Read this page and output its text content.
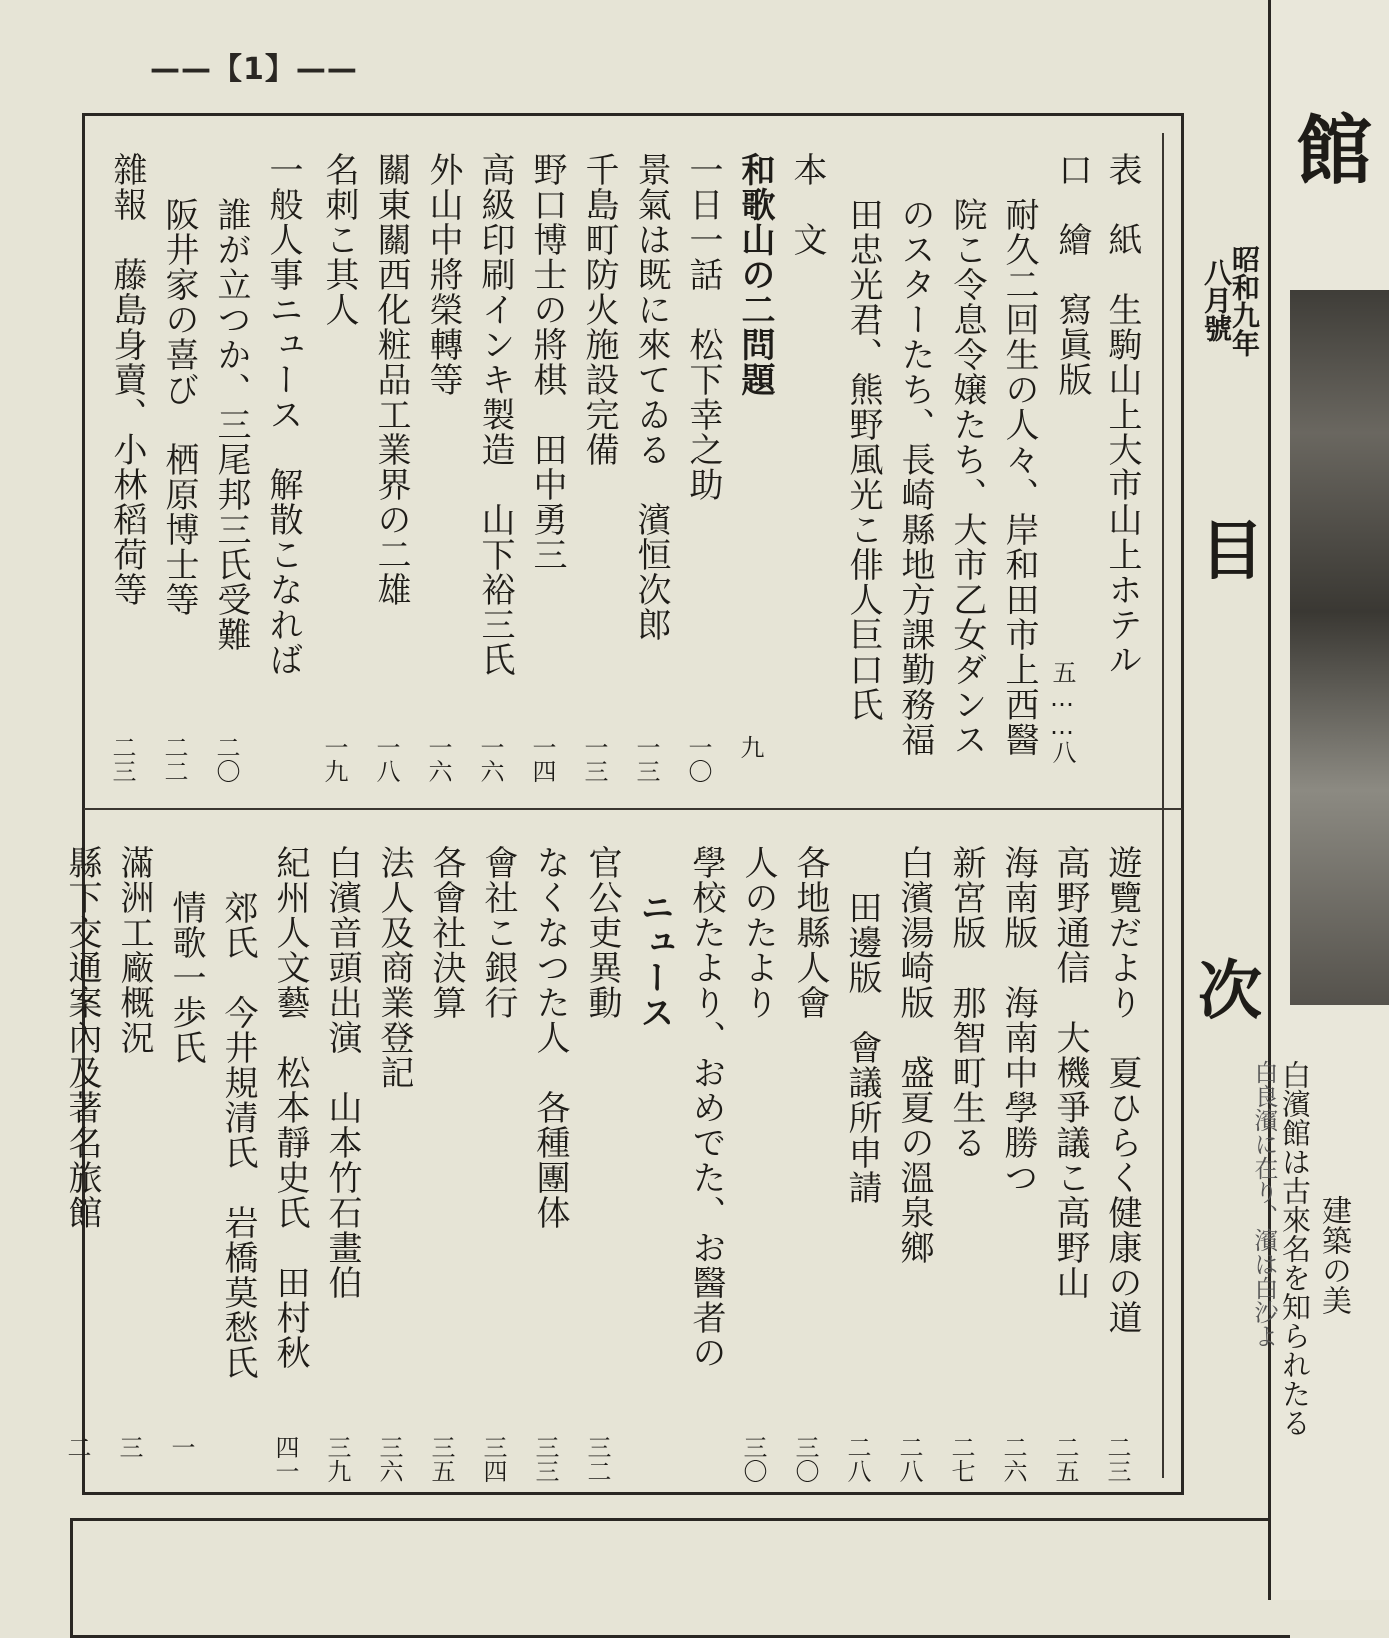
——【1】——
昭和九年
八月號
目
次
館
建築の美
白濱館は古來名を知られたる
白良濱に在り、濱は白沙よ
表　紙　生駒山上大市山上ホテル
口　繪　寫眞版
五……八
耐久二回生の人々、岸和田市上西醫
院こ令息令嬢たち、大市乙女ダンス
のスターたち、長崎縣地方課勤務福
田忠光君、熊野風光こ俳人巨口氏
本　文
和歌山の二問題
九
一日一話　松下幸之助
一〇
景氣は既に來てゐる　濱恒次郎
一三
千島町防火施設完備
一三
野口博士の將棋　田中勇三
一四
高級印刷インキ製造　山下裕三氏
一六
外山中將榮轉等
一六
關東關西化粧品工業界の二雄
一八
名刺こ其人
一九
一般人事ニュース　解散こなれば
誰が立つか、三尾邦三氏受難
二〇
阪井家の喜び　栖原博士等
二二
雜報　藤島身賣、小林稻荷等
二三
遊覽だより　夏ひらく健康の道
二三
高野通信　大機爭議こ高野山
二五
海南版　海南中學勝つ
二六
新宮版　那智町生る
二七
白濱湯崎版　盛夏の溫泉鄉
二八
田邊版　會議所申請
二八
各地縣人會
三〇
人のたより
三〇
學校たより、おめでた、お醫者の
ニュース
官公吏異動
三二
なくなつた人　各種團体
三三
會社こ銀行
三四
各會社決算
三五
法人及商業登記
三六
白濱音頭出演　山本竹石畫伯
三九
紀州人文藝　松本靜史氏　田村秋
四一
郊氏　今井規清氏　岩橋莫愁氏
情歌一歩氏
一
滿洲工廠概況
三
縣下交通案內及著名旅館
二
